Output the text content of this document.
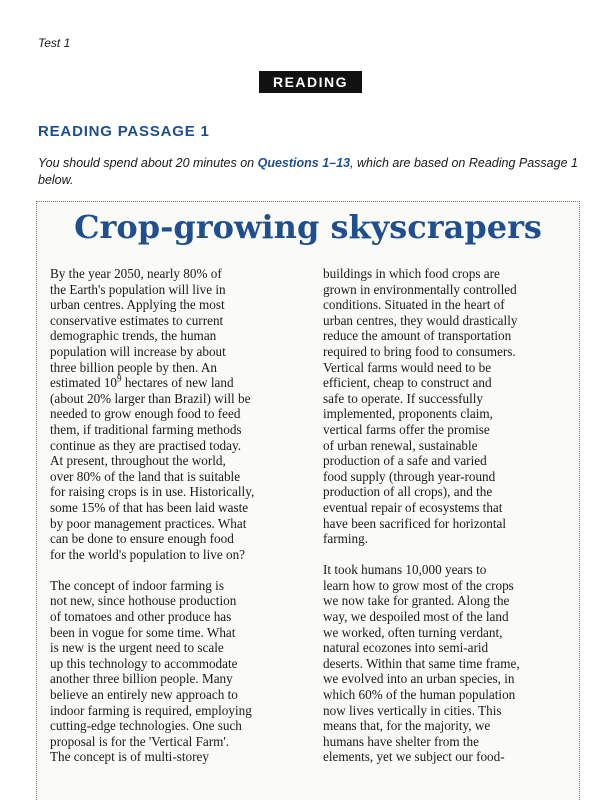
Test 1
READING
READING PASSAGE 1
You should spend about 20 minutes on Questions 1–13, which are based on Reading Passage 1 below.
Crop-growing skyscrapers
By the year 2050, nearly 80% of
the Earth's population will live in
urban centres. Applying the most
conservative estimates to current
demographic trends, the human
population will increase by about
three billion people by then. An
estimated $10^9$ hectares of new land
(about 20% larger than Brazil) will be
needed to grow enough food to feed
them, if traditional farming methods
continue as they are practised today.
At present, throughout the world,
over 80% of the land that is suitable
for raising crops is in use. Historically,
some 15% of that has been laid waste
by poor management practices. What
can be done to ensure enough food
for the world's population to live on?
The concept of indoor farming is
not new, since hothouse production
of tomatoes and other produce has
been in vogue for some time. What
is new is the urgent need to scale
up this technology to accommodate
another three billion people. Many
believe an entirely new approach to
indoor farming is required, employing
cutting-edge technologies. One such
proposal is for the 'Vertical Farm'.
The concept is of multi-storey
buildings in which food crops are
grown in environmentally controlled
conditions. Situated in the heart of
urban centres, they would drastically
reduce the amount of transportation
required to bring food to consumers.
Vertical farms would need to be
efficient, cheap to construct and
safe to operate. If successfully
implemented, proponents claim,
vertical farms offer the promise
of urban renewal, sustainable
production of a safe and varied
food supply (through year-round
production of all crops), and the
eventual repair of ecosystems that
have been sacrificed for horizontal
farming.
It took humans 10,000 years to
learn how to grow most of the crops
we now take for granted. Along the
way, we despoiled most of the land
we worked, often turning verdant,
natural ecozones into semi-arid
deserts. Within that same time frame,
we evolved into an urban species, in
which 60% of the human population
now lives vertically in cities. This
means that, for the majority, we
humans have shelter from the
elements, yet we subject our food-
